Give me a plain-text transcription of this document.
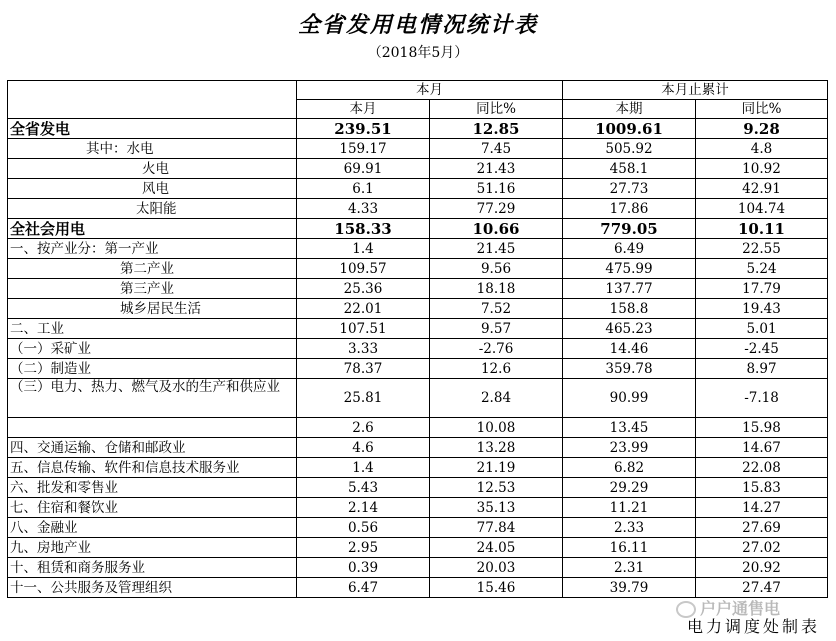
全省发用电情况统计表
（2018年5月）
	本月		本月止累计	
	本月	同比%	本期	同比%
全省发电	239.51	12.85	1009.61	9.28
其中：水电	159.17	7.45	505.92	4.8
火电	69.91	21.43	458.1	10.92
风电	6.1	51.16	27.73	42.91
太阳能	4.33	77.29	17.86	104.74
全社会用电	158.33	10.66	779.05	10.11
一、按产业分：第一产业	1.4	21.45	6.49	22.55
第二产业	109.57	9.56	475.99	5.24
第三产业	25.36	18.18	137.77	17.79
城乡居民生活	22.01	7.52	158.8	19.43
二、工业	107.51	9.57	465.23	5.01
（一）采矿业	3.33	-2.76	14.46	-2.45
（二）制造业	78.37	12.6	359.78	8.97
（三）电力、热力、燃气及水的生产和供应业	25.81	2.84	90.99	-7.18
	2.6	10.08	13.45	15.98
四、交通运输、仓储和邮政业	4.6	13.28	23.99	14.67
五、信息传输、软件和信息技术服务业	1.4	21.19	6.82	22.08
六、批发和零售业	5.43	12.53	29.29	15.83
七、住宿和餐饮业	2.14	35.13	11.21	14.27
八、金融业	0.56	77.84	2.33	27.69
九、房地产业	2.95	24.05	16.11	27.02
十、租赁和商务服务业	0.39	20.03	2.31	20.92
十一、公共服务及管理组织	6.47	15.46	39.79	27.47
户户通售电
电力调度处制表
